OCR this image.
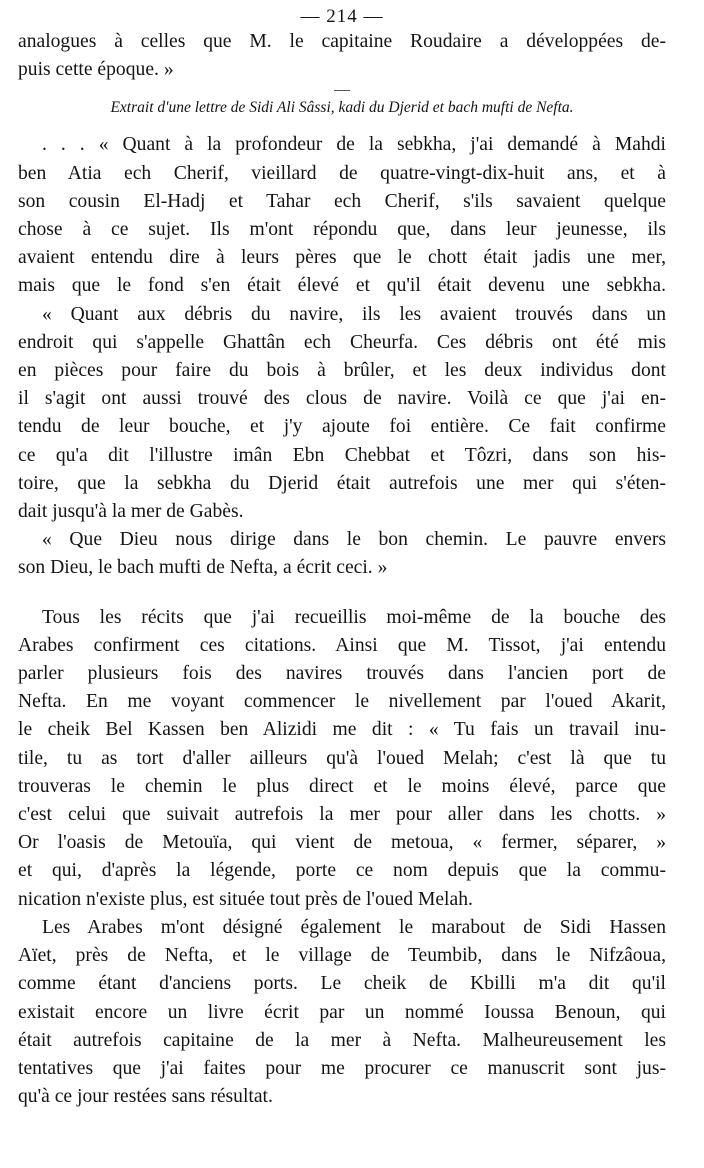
— 214 —
analogues à celles que M. le capitaine Roudaire a développées de-
puis cette époque. »
Extrait d'une lettre de Sidi Ali Sâssi, kadi du Djerid et bach mufti de Nefta.
. . . « Quant à la profondeur de la sebkha, j'ai demandé à Mahdi
ben Atia ech Cherif, vieillard de quatre-vingt-dix-huit ans, et à
son cousin El-Hadj et Tahar ech Cherif, s'ils savaient quelque
chose à ce sujet. Ils m'ont répondu que, dans leur jeunesse, ils
avaient entendu dire à leurs pères que le chott était jadis une mer,
mais que le fond s'en était élevé et qu'il était devenu une sebkha.
« Quant aux débris du navire, ils les avaient trouvés dans un
endroit qui s'appelle Ghattân ech Cheurfa. Ces débris ont été mis
en pièces pour faire du bois à brûler, et les deux individus dont
il s'agit ont aussi trouvé des clous de navire. Voilà ce que j'ai en-
tendu de leur bouche, et j'y ajoute foi entière. Ce fait confirme
ce qu'a dit l'illustre imân Ebn Chebbat et Tôzri, dans son his-
toire, que la sebkha du Djerid était autrefois une mer qui s'éten-
dait jusqu'à la mer de Gabès.
« Que Dieu nous dirige dans le bon chemin. Le pauvre envers
son Dieu, le bach mufti de Nefta, a écrit ceci. »
Tous les récits que j'ai recueillis moi-même de la bouche des
Arabes confirment ces citations. Ainsi que M. Tissot, j'ai entendu
parler plusieurs fois des navires trouvés dans l'ancien port de
Nefta. En me voyant commencer le nivellement par l'oued Akarit,
le cheik Bel Kassen ben Alizidi me dit : « Tu fais un travail inu-
tile, tu as tort d'aller ailleurs qu'à l'oued Melah; c'est là que tu
trouveras le chemin le plus direct et le moins élevé, parce que
c'est celui que suivait autrefois la mer pour aller dans les chotts. »
Or l'oasis de Metouïa, qui vient de metoua, « fermer, séparer, »
et qui, d'après la légende, porte ce nom depuis que la commu-
nication n'existe plus, est située tout près de l'oued Melah.
Les Arabes m'ont désigné également le marabout de Sidi Hassen
Aïet, près de Nefta, et le village de Teumbib, dans le Nifzâoua,
comme étant d'anciens ports. Le cheik de Kbilli m'a dit qu'il
existait encore un livre écrit par un nommé Ioussa Benoun, qui
était autrefois capitaine de la mer à Nefta. Malheureusement les
tentatives que j'ai faites pour me procurer ce manuscrit sont jus-
qu'à ce jour restées sans résultat.
